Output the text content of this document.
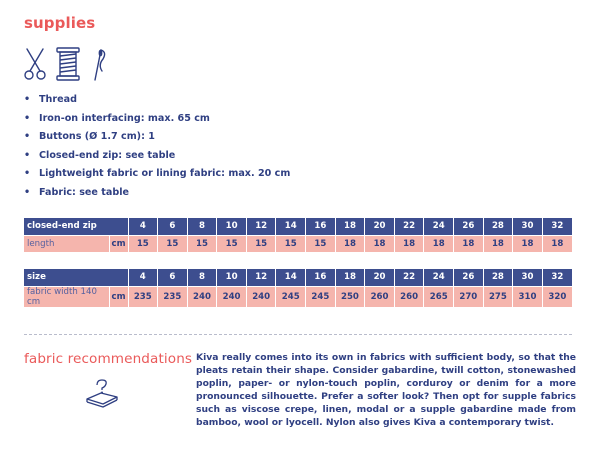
supplies
• Thread
• Iron-on interfacing: max. 65 cm
• Buttons (Ø 1.7 cm): 1
• Closed-end zip: see table
• Lightweight fabric or lining fabric: max. 20 cm
• Fabric: see table
closed-end zip		4	6	8	10	12	14	16	18	20	22	24	26	28	30	32
length	cm	15	15	15	15	15	15	15	18	18	18	18	18	18	18	18
size		4	6	8	10	12	14	16	18	20	22	24	26	28	30	32
fabric width 140 cm	cm	235	235	240	240	240	245	245	250	260	260	265	270	275	310	320
fabric recommendations Kiva really comes into its own in fabrics with sufficient body, so that the pleats retain their shape. Consider gabardine, twill cotton, stonewashed poplin, paper- or nylon-touch poplin, corduroy or denim for a more pronounced silhouette. Prefer a softer look? Then opt for supple fabrics such as viscose crepe, linen, modal or a supple gabardine made from bamboo, wool or lyocell. Nylon also gives Kiva a contemporary twist.
